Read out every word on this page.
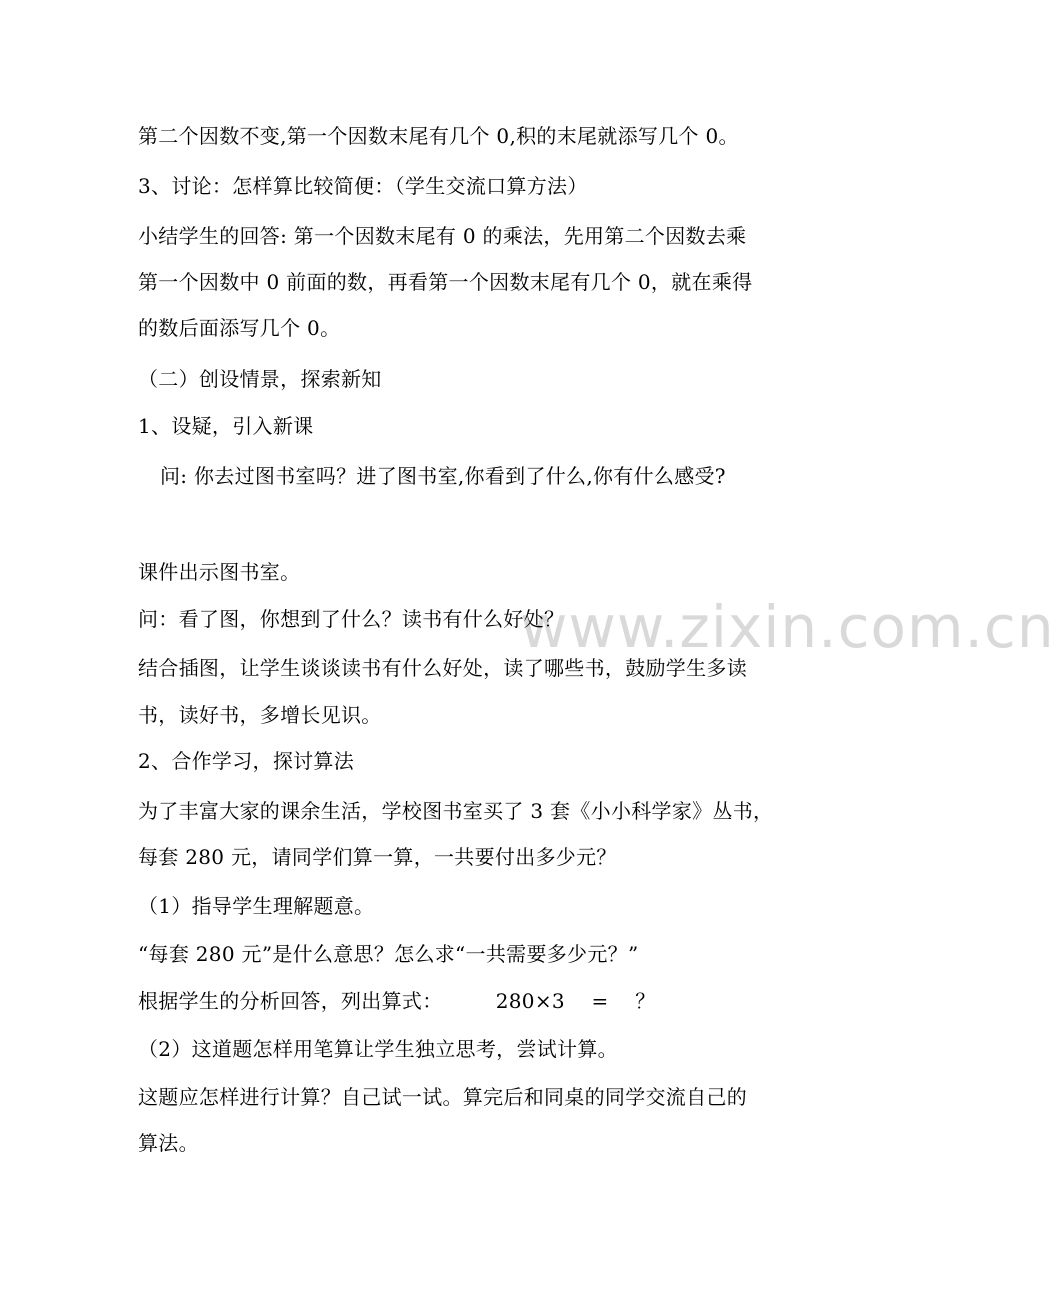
www.zixin.com.cn
第二个因数不变,第一个因数末尾有几个 0,积的末尾就添写几个 0。
3、讨论：怎样算比较简便：（学生交流口算方法）
小结学生的回答: 第一个因数末尾有 0 的乘法，先用第二个因数去乘
第一个因数中 0 前面的数，再看第一个因数末尾有几个 0，就在乘得
的数后面添写几个 0。
（二）创设情景，探索新知
1、设疑，引入新课
问: 你去过图书室吗？进了图书室,你看到了什么,你有什么感受?
课件出示图书室。
问：看了图，你想到了什么？读书有什么好处？
结合插图，让学生谈谈读书有什么好处，读了哪些书，鼓励学生多读
书，读好书，多增长见识。
2、合作学习，探讨算法
为了丰富大家的课余生活，学校图书室买了 3 套《小小科学家》丛书，
每套 280 元，请同学们算一算，一共要付出多少元？
（1）指导学生理解题意。
“每套 280 元”是什么意思？怎么求“一共需要多少元？”
根据学生的分析回答，列出算式：        280×3    =    ？
（2）这道题怎样用笔算让学生独立思考，尝试计算。
这题应怎样进行计算？自己试一试。算完后和同桌的同学交流自己的
算法。
